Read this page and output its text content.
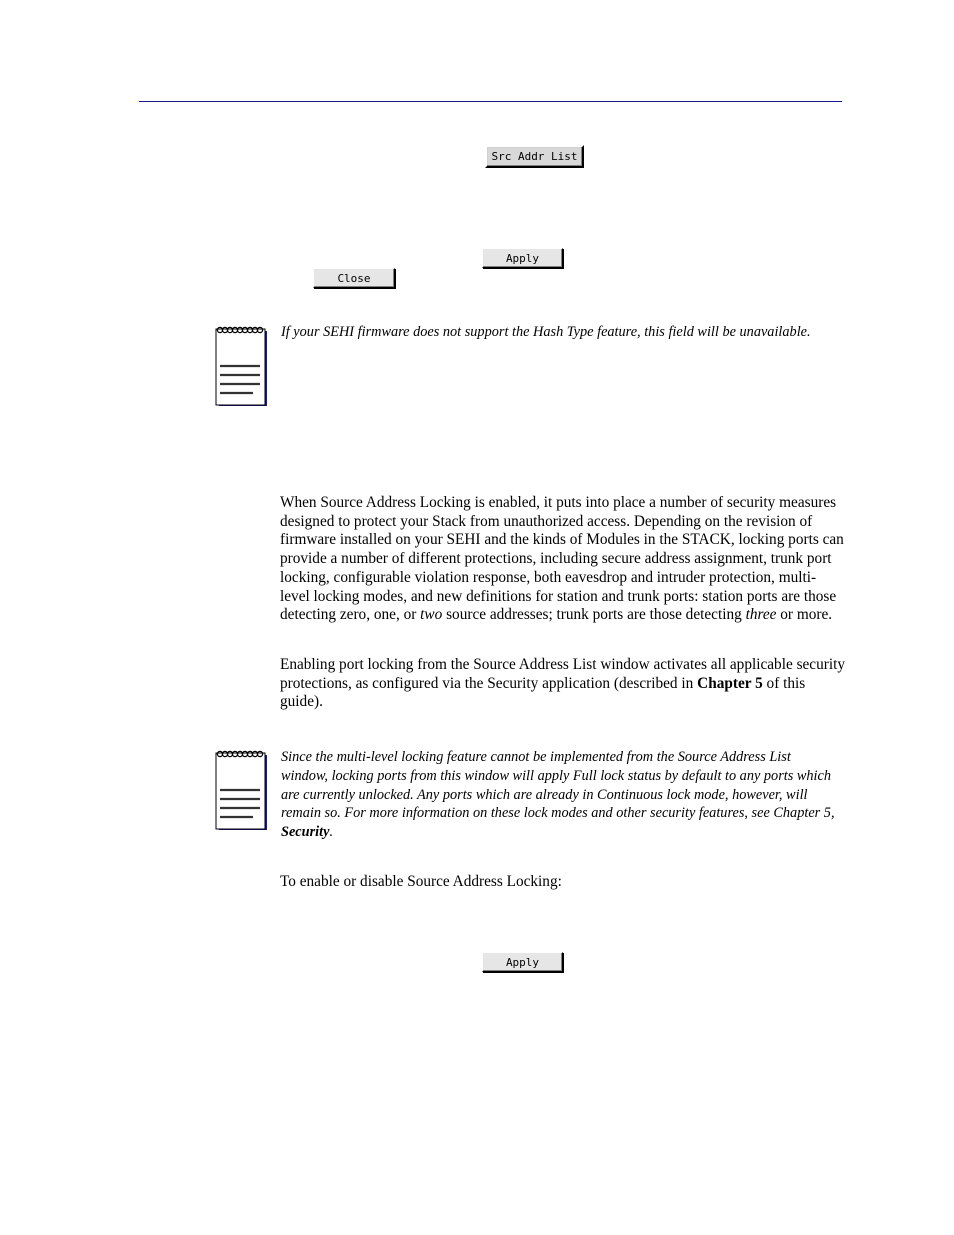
Src Addr List
Apply
Close
If your SEHI firmware does not support the Hash Type feature, this field will be unavailable.

When Source Address Locking is enabled, it puts into place a number of security measures designed to protect your Stack from unauthorized access. Depending on the revision of firmware installed on your SEHI and the kinds of Modules in the STACK, locking ports can provide a number of different protections, including secure address assignment, trunk port locking, configurable violation response, both eavesdrop and intruder protection, multi-level locking modes, and new definitions for station and trunk ports: station ports are those detecting zero, one, or two source addresses; trunk ports are those detecting three or more.

Enabling port locking from the Source Address List window activates all applicable security protections, as configured via the Security application (described in Chapter 5 of this guide).

Since the multi-level locking feature cannot be implemented from the Source Address List window, locking ports from this window will apply Full lock status by default to any ports which are currently unlocked. Any ports which are already in Continuous lock mode, however, will remain so. For more information on these lock modes and other security features, see Chapter 5, Security.

To enable or disable Source Address Locking:

Apply
